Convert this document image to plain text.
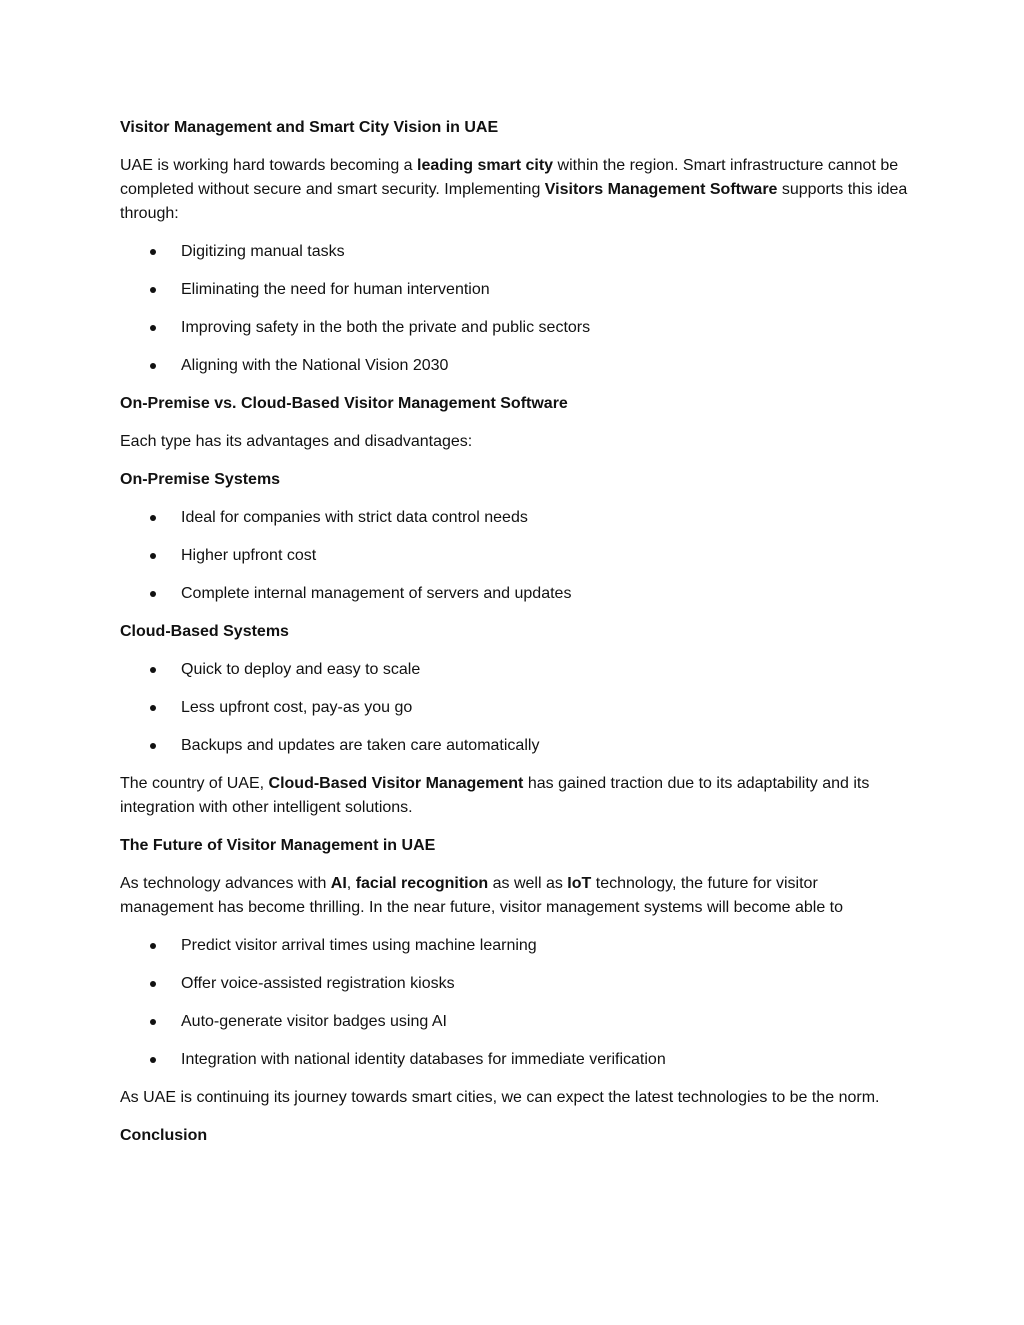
Visitor Management and Smart City Vision in UAE
UAE is working hard towards becoming a leading smart city within the region. Smart infrastructure cannot be completed without secure and smart security. Implementing Visitors Management Software supports this idea through:
Digitizing manual tasks
Eliminating the need for human intervention
Improving safety in the both the private and public sectors
Aligning with the National Vision 2030
On-Premise vs. Cloud-Based Visitor Management Software
Each type has its advantages and disadvantages:
On-Premise Systems
Ideal for companies with strict data control needs
Higher upfront cost
Complete internal management of servers and updates
Cloud-Based Systems
Quick to deploy and easy to scale
Less upfront cost, pay-as you go
Backups and updates are taken care automatically
The country of UAE, Cloud-Based Visitor Management has gained traction due to its adaptability and its integration with other intelligent solutions.
The Future of Visitor Management in UAE
As technology advances with AI, facial recognition as well as IoT technology, the future for visitor management has become thrilling. In the near future, visitor management systems will become able to
Predict visitor arrival times using machine learning
Offer voice-assisted registration kiosks
Auto-generate visitor badges using AI
Integration with national identity databases for immediate verification
As UAE is continuing its journey towards smart cities, we can expect the latest technologies to be the norm.
Conclusion
